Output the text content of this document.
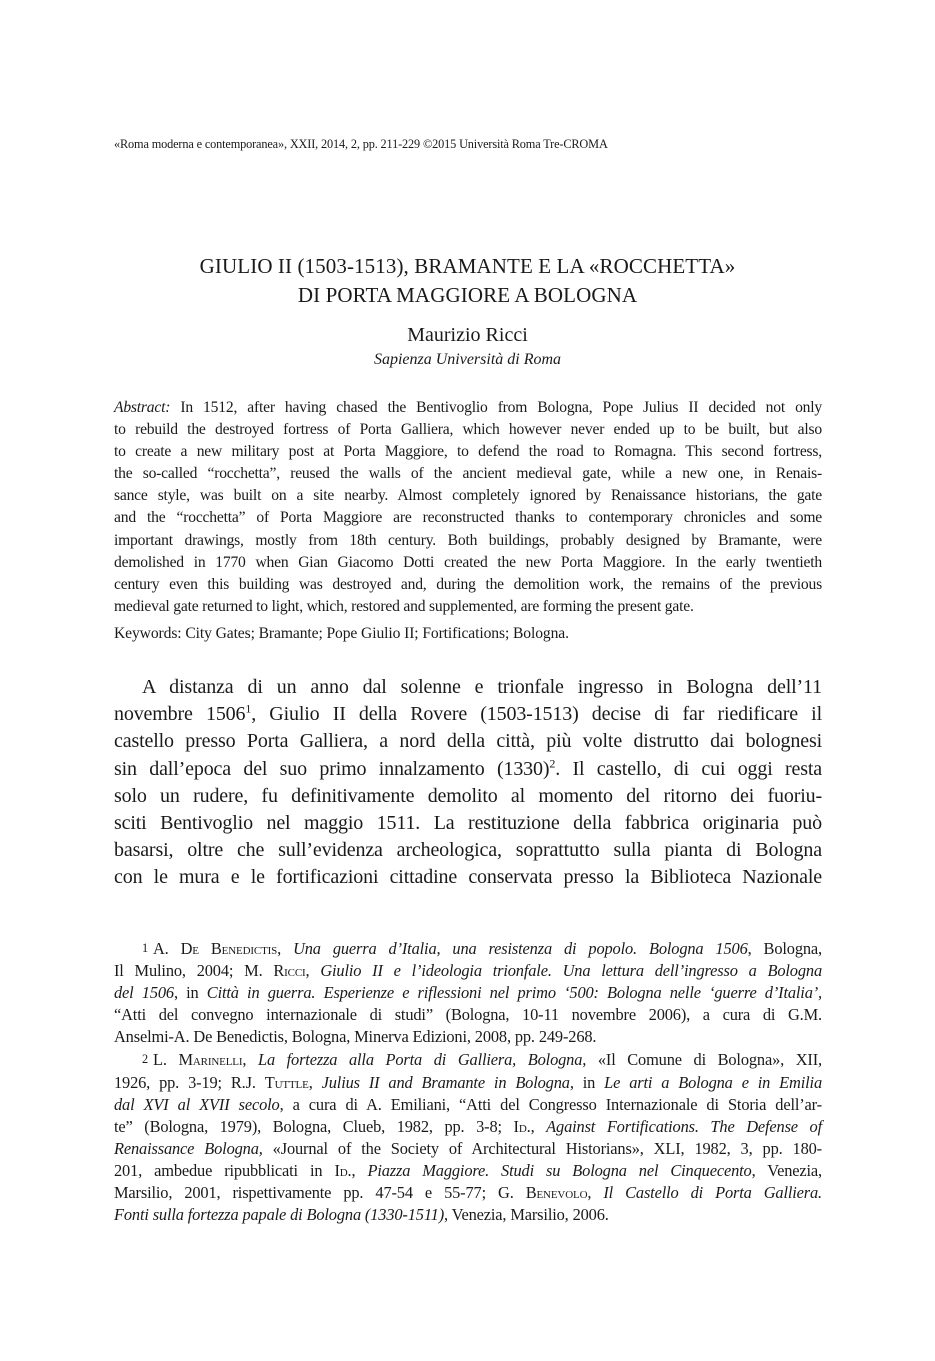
«Roma moderna e contemporanea», XXII, 2014, 2, pp. 211-229 ©2015 Università Roma Tre-CROMA
GIULIO II (1503-1513), BRAMANTE E LA «ROCCHETTA»
DI PORTA MAGGIORE A BOLOGNA
Maurizio Ricci
Sapienza Università di Roma
Abstract: In 1512, after having chased the Bentivoglio from Bologna, Pope Julius II decided not only
to rebuild the destroyed fortress of Porta Galliera, which however never ended up to be built, but also
to create a new military post at Porta Maggiore, to defend the road to Romagna. This second fortress,
the so-called “rocchetta”, reused the walls of the ancient medieval gate, while a new one, in Renais-
sance style, was built on a site nearby. Almost completely ignored by Renaissance historians, the gate
and the “rocchetta” of Porta Maggiore are reconstructed thanks to contemporary chronicles and some
important drawings, mostly from 18th century. Both buildings, probably designed by Bramante, were
demolished in 1770 when Gian Giacomo Dotti created the new Porta Maggiore. In the early twentieth
century even this building was destroyed and, during the demolition work, the remains of the previous
medieval gate returned to light, which, restored and supplemented, are forming the present gate.
Keywords: City Gates; Bramante; Pope Giulio II; Fortifications; Bologna.
A distanza di un anno dal solenne e trionfale ingresso in Bologna dell’11
novembre 1506$^1$, Giulio II della Rovere (1503-1513) decise di far riedificare il
castello presso Porta Galliera, a nord della città, più volte distrutto dai bolognesi
sin dall’epoca del suo primo innalzamento $(1330)^2$. Il castello, di cui oggi resta
solo un rudere, fu definitivamente demolito al momento del ritorno dei fuoriu-
sciti Bentivoglio nel maggio 1511. La restituzione della fabbrica originaria può
basarsi, oltre che sull’evidenza archeologica, soprattutto sulla pianta di Bologna
con le mura e le fortificazioni cittadine conservata presso la Biblioteca Nazionale
1 A. De Benedictis, Una guerra d’Italia, una resistenza di popolo. Bologna 1506, Bologna,
Il Mulino, 2004; M. Ricci, Giulio II e l’ideologia trionfale. Una lettura dell’ingresso a Bologna
del 1506, in Città in guerra. Esperienze e riflessioni nel primo ‘500: Bologna nelle ‘guerre d’Italia’,
“Atti del convegno internazionale di studi” (Bologna, 10-11 novembre 2006), a cura di G.M.
Anselmi-A. De Benedictis, Bologna, Minerva Edizioni, 2008, pp. 249-268.
2 L. Marinelli, La fortezza alla Porta di Galliera, Bologna, «Il Comune di Bologna», XII,
1926, pp. 3-19; R.J. Tuttle, Julius II and Bramante in Bologna, in Le arti a Bologna e in Emilia
dal XVI al XVII secolo, a cura di A. Emiliani, “Atti del Congresso Internazionale di Storia dell’ar-
te” (Bologna, 1979), Bologna, Clueb, 1982, pp. 3-8; Id., Against Fortifications. The Defense of
Renaissance Bologna, «Journal of the Society of Architectural Historians», XLI, 1982, 3, pp. 180-
201, ambedue ripubblicati in Id., Piazza Maggiore. Studi su Bologna nel Cinquecento, Venezia,
Marsilio, 2001, rispettivamente pp. 47-54 e 55-77; G. Benevolo, Il Castello di Porta Galliera.
Fonti sulla fortezza papale di Bologna (1330-1511), Venezia, Marsilio, 2006.
